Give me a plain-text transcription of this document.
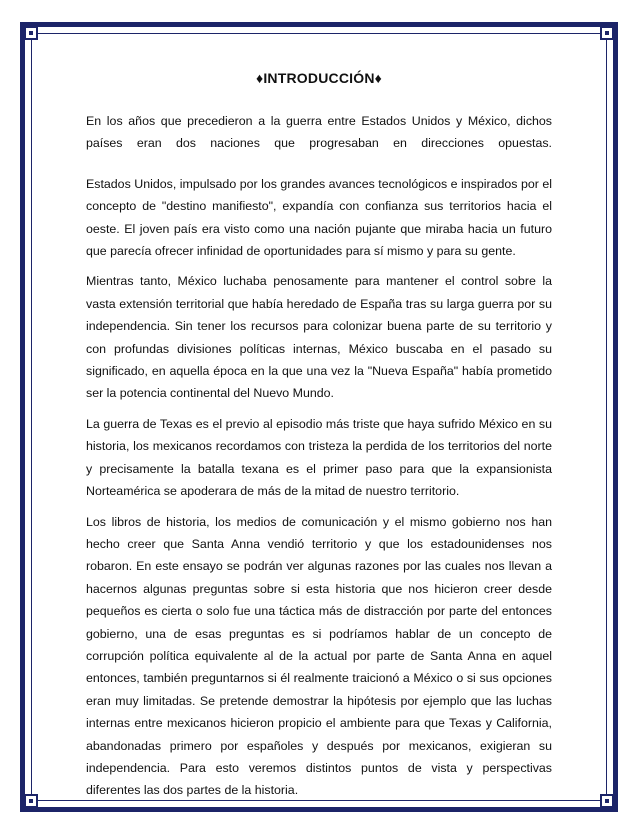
♦INTRODUCCIÓN♦

En los años que precedieron a la guerra entre Estados Unidos y México, dichos países eran dos naciones que progresaban en direcciones opuestas.

Estados Unidos, impulsado por los grandes avances tecnológicos e inspirados por el concepto de "destino manifiesto", expandía con confianza sus territorios hacia el oeste. El joven país era visto como una nación pujante que miraba hacia un futuro que parecía ofrecer infinidad de oportunidades para sí mismo y para su gente.

Mientras tanto, México luchaba penosamente para mantener el control sobre la vasta extensión territorial que había heredado de España tras su larga guerra por su independencia. Sin tener los recursos para colonizar buena parte de su territorio y con profundas divisiones políticas internas, México buscaba en el pasado su significado, en aquella época en la que una vez la "Nueva España" había prometido ser la potencia continental del Nuevo Mundo.

La guerra de Texas es el previo al episodio más triste que haya sufrido México en su historia, los mexicanos recordamos con tristeza la perdida de los territorios del norte y precisamente la batalla texana es el primer paso para que la expansionista Norteamérica se apoderara de más de la mitad de nuestro territorio.

Los libros de historia, los medios de comunicación y el mismo gobierno nos han hecho creer que Santa Anna vendió territorio y que los estadounidenses nos robaron. En este ensayo se podrán ver algunas razones por las cuales nos llevan a hacernos algunas preguntas sobre si esta historia que nos hicieron creer desde pequeños es cierta o solo fue una táctica más de distracción por parte del entonces gobierno, una de esas preguntas es si podríamos hablar de un concepto de corrupción política equivalente al de la actual por parte de Santa Anna en aquel entonces, también preguntarnos si él realmente traicionó a México o si sus opciones eran muy limitadas. Se pretende demostrar la hipótesis por ejemplo que las luchas internas entre mexicanos hicieron propicio el ambiente para que Texas y California, abandonadas primero por españoles y después por mexicanos, exigieran su independencia. Para esto veremos distintos puntos de vista y perspectivas diferentes las dos partes de la historia.
